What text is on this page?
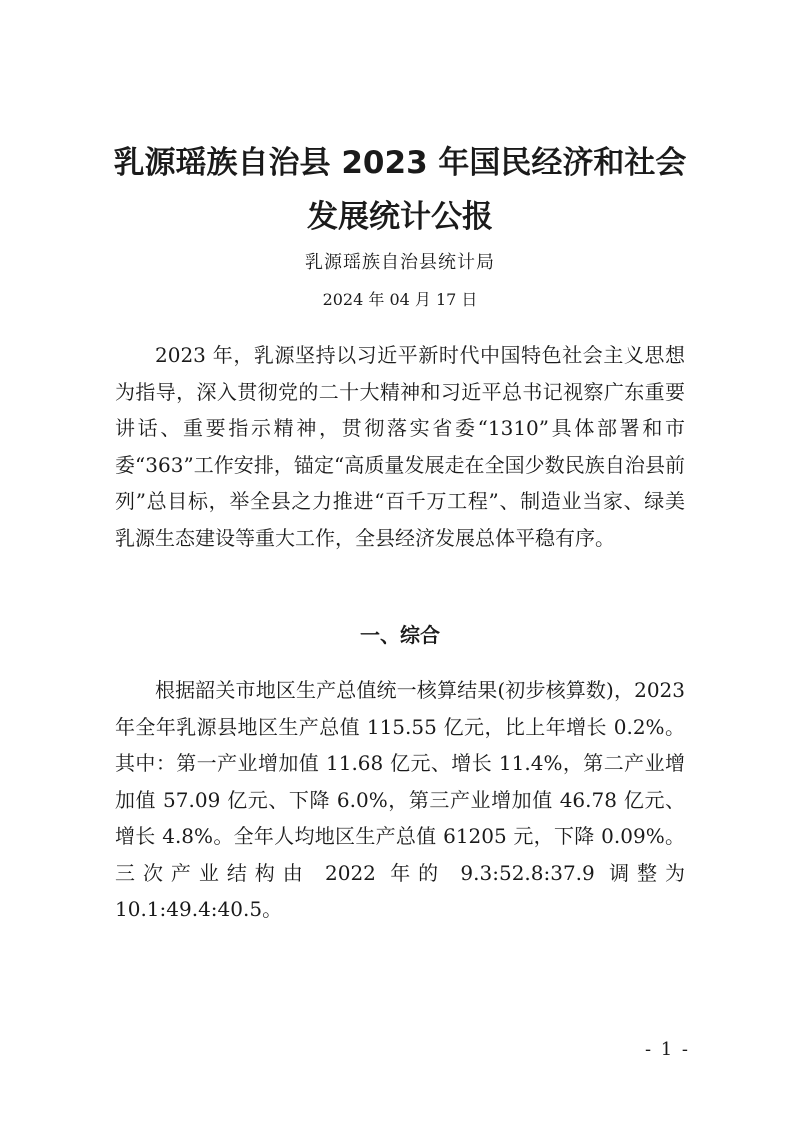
乳源瑶族自治县 2023 年国民经济和社会
发展统计公报
乳源瑶族自治县统计局
2024 年 04 月 17 日

2023 年，乳源坚持以习近平新时代中国特色社会主义思想为指导，深入贯彻党的二十大精神和习近平总书记视察广东重要讲话、重要指示精神，贯彻落实省委“1310”具体部署和市委“363”工作安排，锚定“高质量发展走在全国少数民族自治县前列”总目标，举全县之力推进“百千万工程”、制造业当家、绿美乳源生态建设等重大工作，全县经济发展总体平稳有序。

一、综合

根据韶关市地区生产总值统一核算结果(初步核算数)，2023 年全年乳源县地区生产总值 115.55 亿元，比上年增长 0.2%。其中：第一产业增加值 11.68 亿元、增长 11.4%，第二产业增加值 57.09 亿元、下降 6.0%，第三产业增加值 46.78 亿元、增长 4.8%。全年人均地区生产总值 61205 元，下降 0.09%。三次产业结构由 2022 年的 9.3:52.8:37.9 调整为 10.1:49.4:40.5。

- 1 -
